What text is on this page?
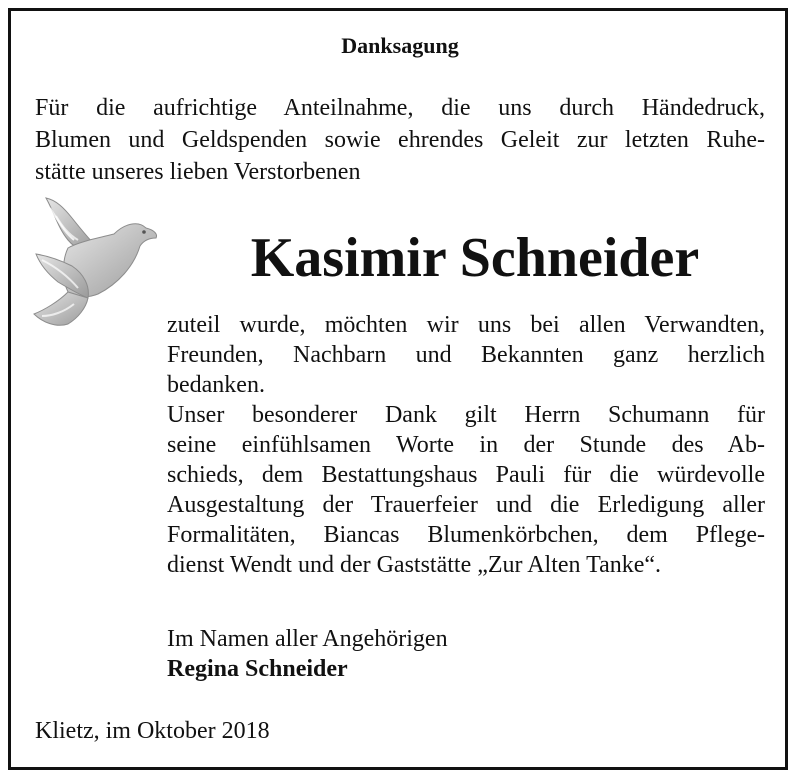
Danksagung
Für die aufrichtige Anteilnahme, die uns durch Händedruck,
Blumen und Geldspenden sowie ehrendes Geleit zur letzten Ruhe-
stätte unseres lieben Verstorbenen
Kasimir Schneider
zuteil wurde, möchten wir uns bei allen Verwandten,
Freunden, Nachbarn und Bekannten ganz herzlich
bedanken.
Unser besonderer Dank gilt Herrn Schumann für
seine einfühlsamen Worte in der Stunde des Ab-
schieds, dem Bestattungshaus Pauli für die würdevolle
Ausgestaltung der Trauerfeier und die Erledigung aller
Formalitäten, Biancas Blumenkörbchen, dem Pflege-
dienst Wendt und der Gaststätte „Zur Alten Tanke“.
Im Namen aller Angehörigen
Regina Schneider
Klietz, im Oktober 2018
